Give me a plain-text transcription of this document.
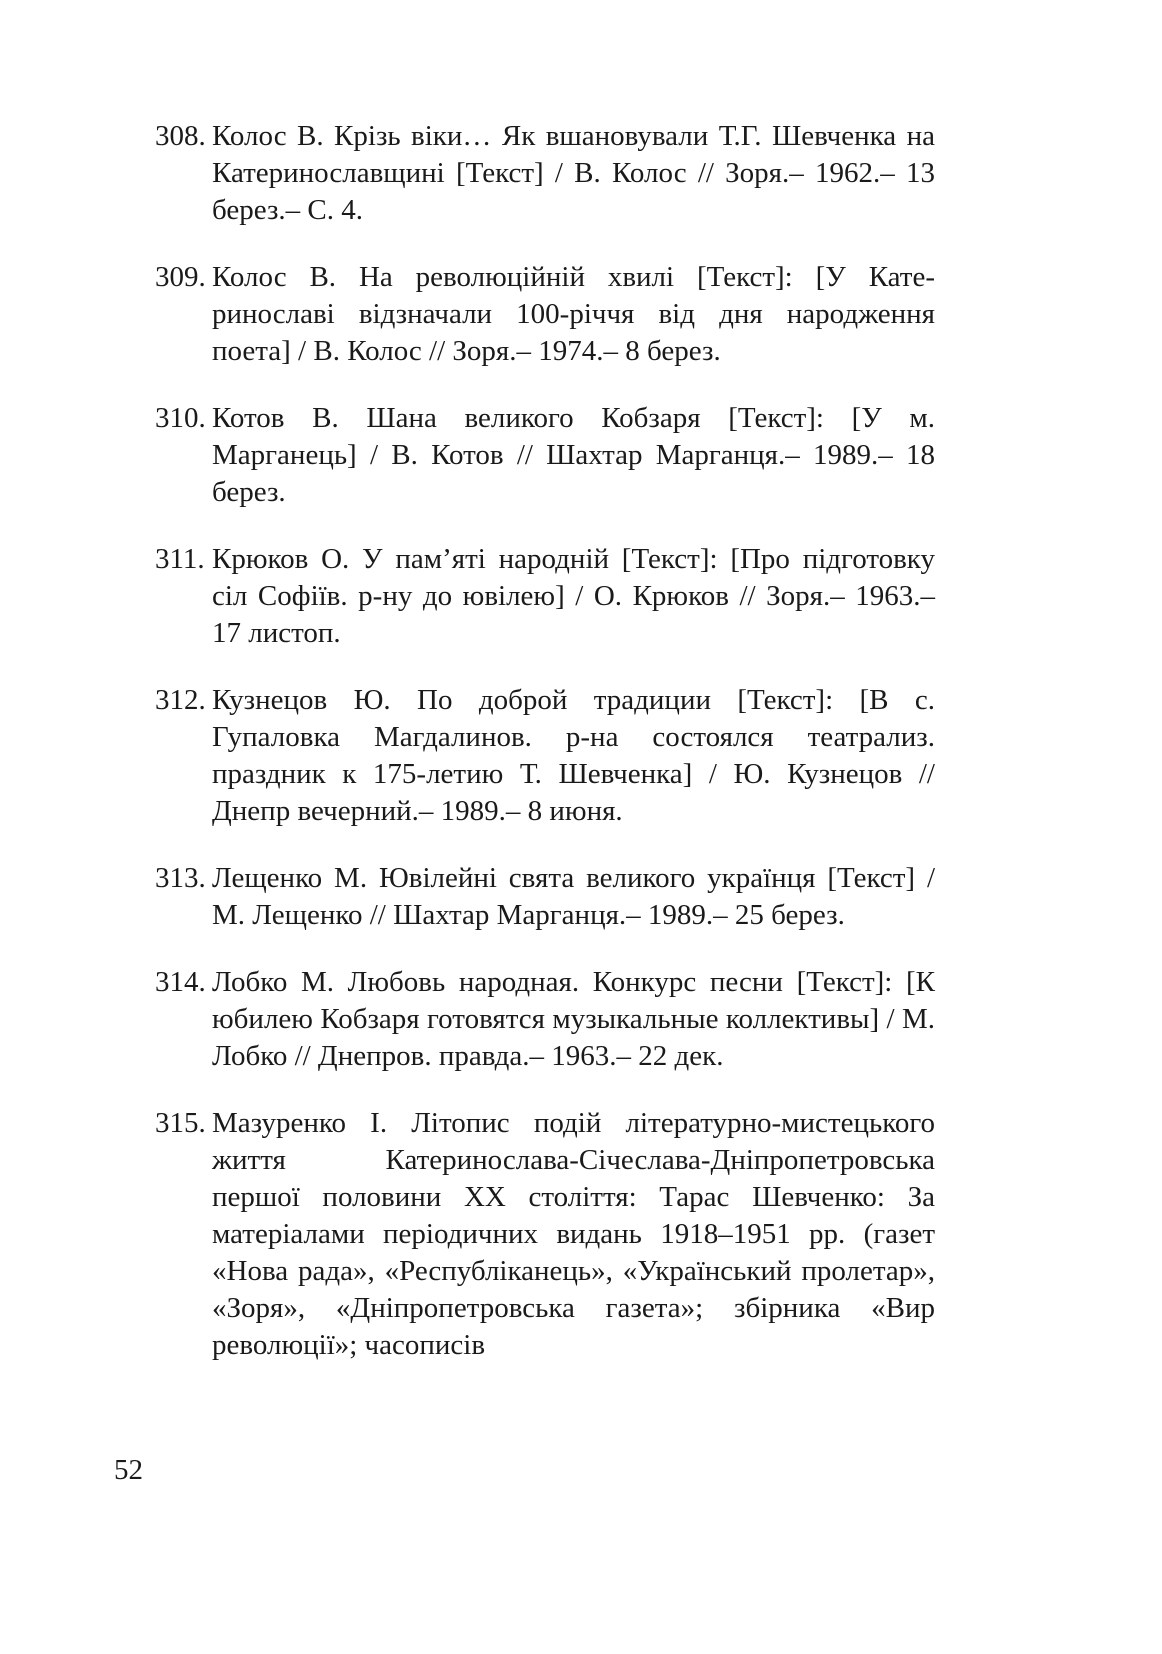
308. Колос В. Крізь віки… Як вшановували Т.Г. Шевченка на Катеринославщині [Текст] / В. Колос // Зоря.– 1962.– 13 берез.– С. 4.
309. Колос В. На революційній хвилі [Текст]: [У Катеринославі відзначали 100-річчя від дня народження поета] / В. Колос // Зоря.– 1974.– 8 берез.
310. Котов В. Шана великого Кобзаря [Текст]: [У м. Марганець] / В. Котов // Шахтар Марганця.– 1989.– 18 берез.
311. Крюков О. У пам’яті народній [Текст]: [Про підготовку сіл Софіїв. р-ну до ювілею] / О. Крюков // Зоря.– 1963.– 17 листоп.
312. Кузнецов Ю. По доброй традиции [Текст]: [В с. Гупаловка Магдалинов. р-на состоялся театрализ. праздник к 175-летию Т. Шевченка] / Ю. Кузнецов // Днепр вечерний.– 1989.– 8 июня.
313. Лещенко М. Ювілейні свята великого українця [Текст] / М. Лещенко // Шахтар Марганця.– 1989.– 25 берез.
314. Лобко М. Любовь народная. Конкурс песни [Текст]: [К юбилею Кобзаря готовятся музыкальные коллективы] / М. Лобко // Днепров. правда.– 1963.– 22 дек.
315. Мазуренко І. Літопис подій літературно-мистецького життя Катеринослава-Січеслава-Дніпропетровська першої половини XX століття: Тарас Шевченко: За матеріалами періодичних видань 1918–1951 рр. (газет «Нова рада», «Республіканець», «Український пролетар», «Зоря», «Дніпропетровська газета»; збірника «Вир революції»; часописів
52
